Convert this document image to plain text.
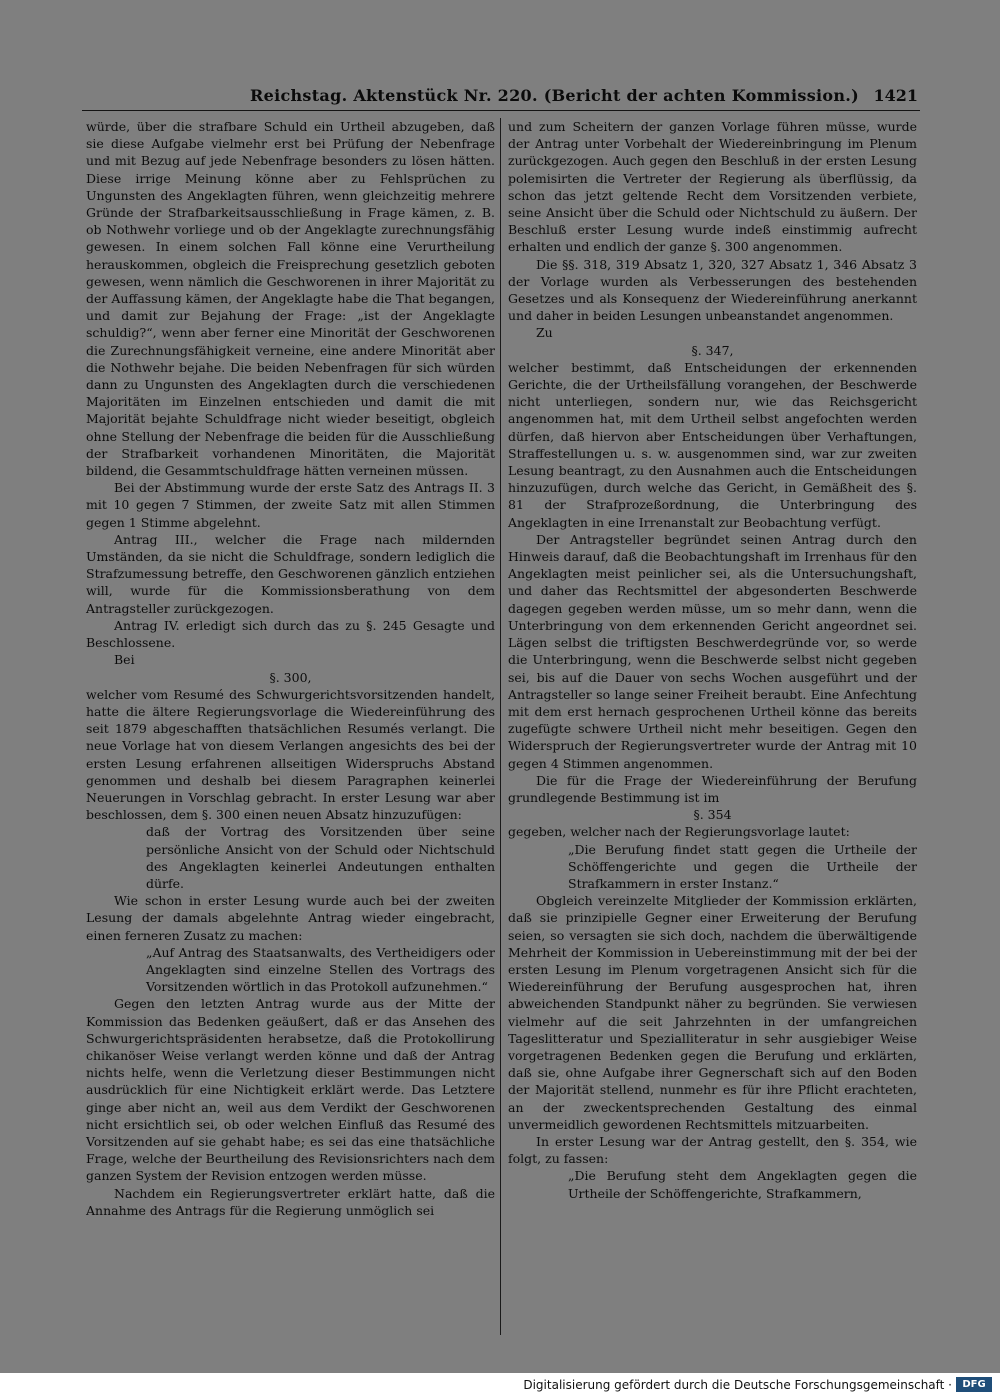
Reichstag. Aktenstück Nr. 220. (Bericht der achten Kommission.) 1421

würde, über die strafbare Schuld ein Urtheil abzugeben, daß sie diese Aufgabe vielmehr erst bei Prüfung der Nebenfrage und mit Bezug auf jede Nebenfrage besonders zu lösen hätten. Diese irrige Meinung könne aber zu Fehlsprüchen zu Ungunsten des Angeklagten führen, wenn gleichzeitig mehrere Gründe der Strafbarkeitsausschließung in Frage kämen, z. B. ob Nothwehr vorliege und ob der Angeklagte zurechnungsfähig gewesen. In einem solchen Fall könne eine Verurtheilung herauskommen, obgleich die Freisprechung gesetzlich geboten gewesen, wenn nämlich die Geschworenen in ihrer Majorität zu der Auffassung kämen, der Angeklagte habe die That begangen, und damit zur Bejahung der Frage: „ist der Angeklagte schuldig?“, wenn aber ferner eine Minorität der Geschworenen die Zurechnungsfähigkeit verneine, eine andere Minorität aber die Nothwehr bejahe. Die beiden Nebenfragen für sich würden dann zu Ungunsten des Angeklagten durch die verschiedenen Majoritäten im Einzelnen entschieden und damit die mit Majorität bejahte Schuldfrage nicht wieder beseitigt, obgleich ohne Stellung der Nebenfrage die beiden für die Ausschließung der Strafbarkeit vorhandenen Minoritäten, die Majorität bildend, die Gesammtschuldfrage hätten verneinen müssen.

Bei der Abstimmung wurde der erste Satz des Antrags II. 3 mit 10 gegen 7 Stimmen, der zweite Satz mit allen Stimmen gegen 1 Stimme abgelehnt.

Antrag III., welcher die Frage nach mildernden Umständen, da sie nicht die Schuldfrage, sondern lediglich die Strafzumessung betreffe, den Geschworenen gänzlich entziehen will, wurde für die Kommissionsberathung von dem Antragsteller zurückgezogen.

Antrag IV. erledigt sich durch das zu §. 245 Gesagte und Beschlossene.

Bei

§. 300,

welcher vom Resumé des Schwurgerichtsvorsitzenden handelt, hatte die ältere Regierungsvorlage die Wiedereinführung des seit 1879 abgeschafften thatsächlichen Resumés verlangt. Die neue Vorlage hat von diesem Verlangen angesichts des bei der ersten Lesung erfahrenen allseitigen Widerspruchs Abstand genommen und deshalb bei diesem Paragraphen keinerlei Neuerungen in Vorschlag gebracht. In erster Lesung war aber beschlossen, dem §. 300 einen neuen Absatz hinzuzufügen:

daß der Vortrag des Vorsitzenden über seine persönliche Ansicht von der Schuld oder Nichtschuld des Angeklagten keinerlei Andeutungen enthalten dürfe.

Wie schon in erster Lesung wurde auch bei der zweiten Lesung der damals abgelehnte Antrag wieder eingebracht, einen ferneren Zusatz zu machen:

„Auf Antrag des Staatsanwalts, des Vertheidigers oder Angeklagten sind einzelne Stellen des Vortrags des Vorsitzenden wörtlich in das Protokoll aufzunehmen.“

Gegen den letzten Antrag wurde aus der Mitte der Kommission das Bedenken geäußert, daß er das Ansehen des Schwurgerichtspräsidenten herabsetze, daß die Protokollirung chikanöser Weise verlangt werden könne und daß der Antrag nichts helfe, wenn die Verletzung dieser Bestimmungen nicht ausdrücklich für eine Nichtigkeit erklärt werde. Das Letztere ginge aber nicht an, weil aus dem Verdikt der Geschworenen nicht ersichtlich sei, ob oder welchen Einfluß das Resumé des Vorsitzenden auf sie gehabt habe; es sei das eine thatsächliche Frage, welche der Beurtheilung des Revisionsrichters nach dem ganzen System der Revision entzogen werden müsse.

Nachdem ein Regierungsvertreter erklärt hatte, daß die Annahme des Antrags für die Regierung unmöglich sei

und zum Scheitern der ganzen Vorlage führen müsse, wurde der Antrag unter Vorbehalt der Wiedereinbringung im Plenum zurückgezogen. Auch gegen den Beschluß in der ersten Lesung polemisirten die Vertreter der Regierung als überflüssig, da schon das jetzt geltende Recht dem Vorsitzenden verbiete, seine Ansicht über die Schuld oder Nichtschuld zu äußern. Der Beschluß erster Lesung wurde indeß einstimmig aufrecht erhalten und endlich der ganze §. 300 angenommen.

Die §§. 318, 319 Absatz 1, 320, 327 Absatz 1, 346 Absatz 3 der Vorlage wurden als Verbesserungen des bestehenden Gesetzes und als Konsequenz der Wiedereinführung anerkannt und daher in beiden Lesungen unbeanstandet angenommen.

Zu

§. 347,

welcher bestimmt, daß Entscheidungen der erkennenden Gerichte, die der Urtheilsfällung vorangehen, der Beschwerde nicht unterliegen, sondern nur, wie das Reichsgericht angenommen hat, mit dem Urtheil selbst angefochten werden dürfen, daß hiervon aber Entscheidungen über Verhaftungen, Straffestellungen u. s. w. ausgenommen sind, war zur zweiten Lesung beantragt, zu den Ausnahmen auch die Entscheidungen hinzuzufügen, durch welche das Gericht, in Gemäßheit des §. 81 der Strafprozeßordnung, die Unterbringung des Angeklagten in eine Irrenanstalt zur Beobachtung verfügt.

Der Antragsteller begründet seinen Antrag durch den Hinweis darauf, daß die Beobachtungshaft im Irrenhaus für den Angeklagten meist peinlicher sei, als die Untersuchungshaft, und daher das Rechtsmittel der abgesonderten Beschwerde dagegen gegeben werden müsse, um so mehr dann, wenn die Unterbringung von dem erkennenden Gericht angeordnet sei. Lägen selbst die triftigsten Beschwerdegründe vor, so werde die Unterbringung, wenn die Beschwerde selbst nicht gegeben sei, bis auf die Dauer von sechs Wochen ausgeführt und der Antragsteller so lange seiner Freiheit beraubt. Eine Anfechtung mit dem erst hernach gesprochenen Urtheil könne das bereits zugefügte schwere Urtheil nicht mehr beseitigen. Gegen den Widerspruch der Regierungsvertreter wurde der Antrag mit 10 gegen 4 Stimmen angenommen.

Die für die Frage der Wiedereinführung der Berufung grundlegende Bestimmung ist im

§. 354

gegeben, welcher nach der Regierungsvorlage lautet:

„Die Berufung findet statt gegen die Urtheile der Schöffengerichte und gegen die Urtheile der Strafkammern in erster Instanz.“

Obgleich vereinzelte Mitglieder der Kommission erklärten, daß sie prinzipielle Gegner einer Erweiterung der Berufung seien, so versagten sie sich doch, nachdem die überwältigende Mehrheit der Kommission in Uebereinstimmung mit der bei der ersten Lesung im Plenum vorgetragenen Ansicht sich für die Wiedereinführung der Berufung ausgesprochen hat, ihren abweichenden Standpunkt näher zu begründen. Sie verwiesen vielmehr auf die seit Jahrzehnten in der umfangreichen Tageslitteratur und Spezialliteratur in sehr ausgiebiger Weise vorgetragenen Bedenken gegen die Berufung und erklärten, daß sie, ohne Aufgabe ihrer Gegnerschaft sich auf den Boden der Majorität stellend, nunmehr es für ihre Pflicht erachteten, an der zweckentsprechenden Gestaltung des einmal unvermeidlich gewordenen Rechtsmittels mitzuarbeiten.

In erster Lesung war der Antrag gestellt, den §. 354, wie folgt, zu fassen:

„Die Berufung steht dem Angeklagten gegen die Urtheile der Schöffengerichte, Strafkammern,

Digitalisierung gefördert durch die Deutsche Forschungsgemeinschaft ·	DFG
